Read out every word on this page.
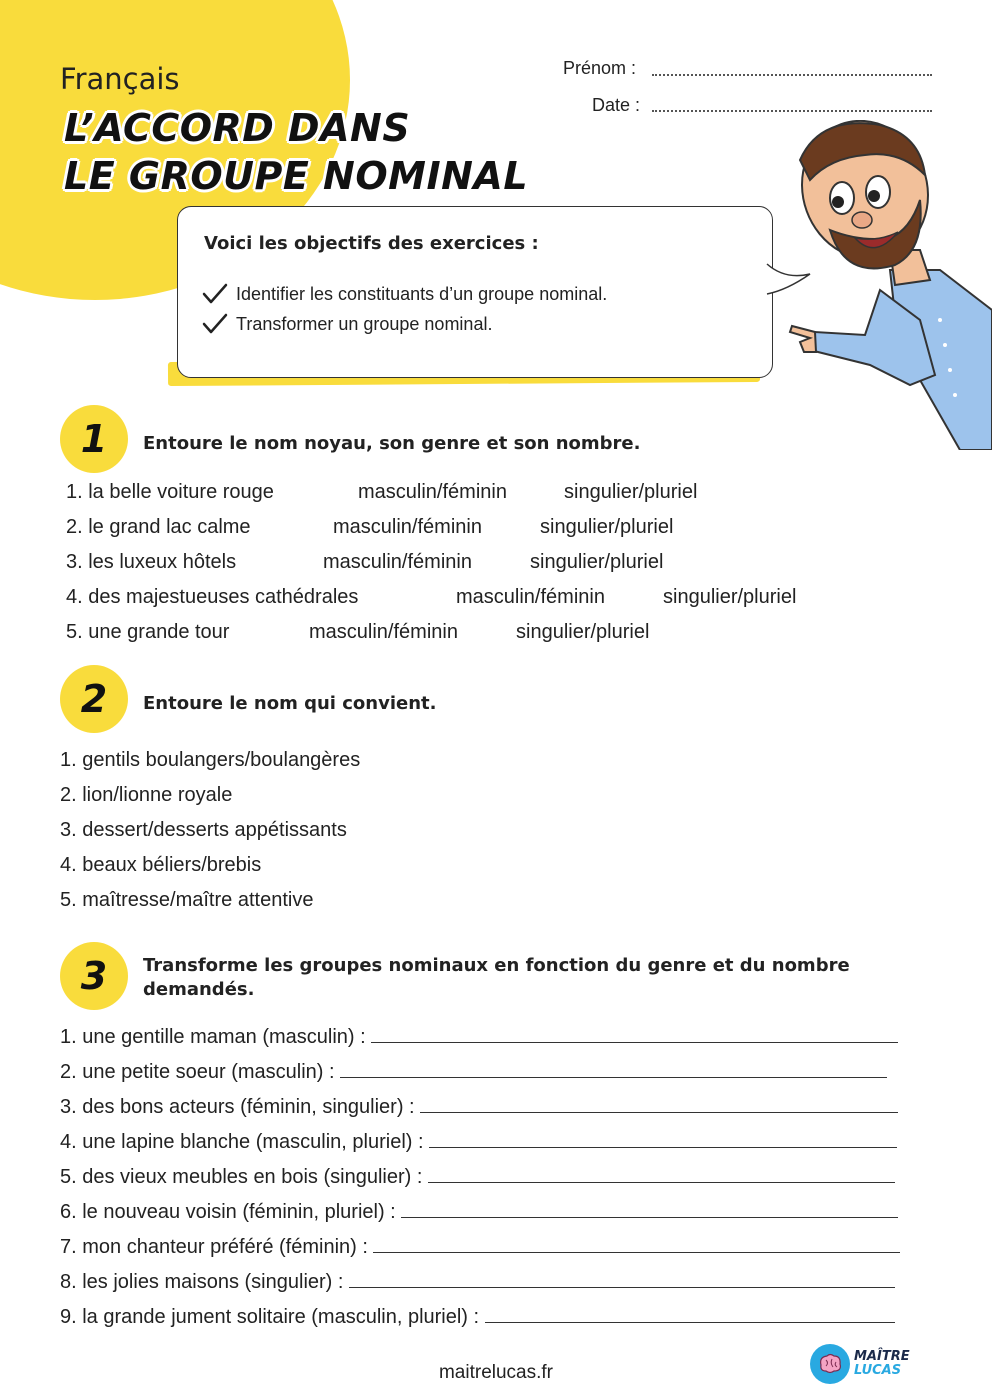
Français
L’ACCORD DANS
LE GROUPE NOMINAL
Prénom :
Date :
Voici les objectifs des exercices :
Identifier les constituants d’un groupe nominal.
Transformer un groupe nominal.
1	Entoure le nom noyau, son genre et son nombre.
1. la belle voiture rouge	masculin/féminin	singulier/pluriel
2. le grand lac calme	masculin/féminin	singulier/pluriel
3. les luxeux hôtels	masculin/féminin	singulier/pluriel
4. des majestueuses cathédrales	masculin/féminin	singulier/pluriel
5. une grande tour	masculin/féminin	singulier/pluriel
2	Entoure le nom qui convient.
1. gentils boulangers/boulangères
2. lion/lionne royale
3. dessert/desserts appétissants
4. beaux béliers/brebis
5. maîtresse/maître attentive
3	Transforme les groupes nominaux en fonction du genre et du nombre
demandés.
1. une gentille maman (masculin) :
2. une petite soeur (masculin) :
3. des bons acteurs (féminin, singulier) :
4. une lapine blanche (masculin, pluriel) :
5. des vieux meubles en bois (singulier) :
6. le nouveau voisin (féminin, pluriel) :
7. mon chanteur préféré (féminin) :
8. les jolies maisons (singulier) :
9. la grande jument solitaire (masculin, pluriel) :
maitrelucas.fr
MAÎTRE
LUCAS
